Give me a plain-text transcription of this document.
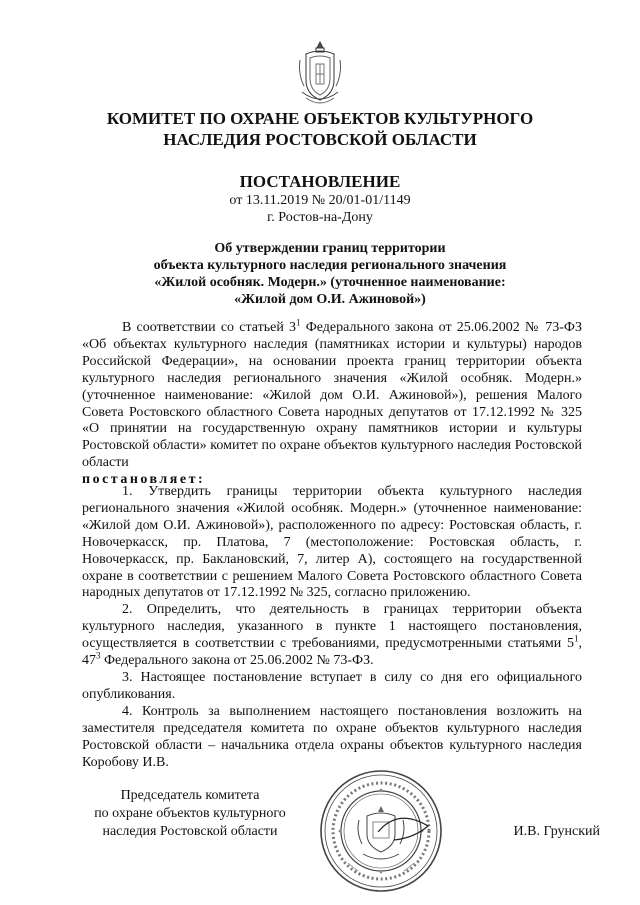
КОМИТЕТ ПО ОХРАНЕ ОБЪЕКТОВ КУЛЬТУРНОГО
НАСЛЕДИЯ РОСТОВСКОЙ ОБЛАСТИ
ПОСТАНОВЛЕНИЕ
от 13.11.2019 № 20/01-01/1149
г. Ростов-на-Дону
Об утверждении границ территории
объекта культурного наследия регионального значения
«Жилой особняк. Модерн.» (уточненное наименование:
«Жилой дом О.И. Ажиновой»)
В соответствии со статьей $3^1$ Федерального закона от 25.06.2002 № 73-ФЗ «Об объектах культурного наследия (памятниках истории и культуры) народов Российской Федерации», на основании проекта границ территории объекта культурного наследия регионального значения «Жилой особняк. Модерн.» (уточненное наименование: «Жилой дом О.И. Ажиновой»), решения Малого Совета Ростовского областного Совета народных депутатов от 17.12.1992 № 325 «О принятии на государственную охрану памятников истории и культуры Ростовской области» комитет по охране объектов культурного наследия Ростовской области
постановляет:

1. Утвердить границы территории объекта культурного наследия регионального значения «Жилой особняк. Модерн.» (уточненное наименование: «Жилой дом О.И. Ажиновой»), расположенного по адресу: Ростовская область, г. Новочеркасск, пр. Платова, 7 (местоположение: Ростовская область, г. Новочеркасск, пр. Баклановский, 7, литер А), состоящего на государственной охране в соответствии с решением Малого Совета Ростовского областного Совета народных депутатов от 17.12.1992 № 325, согласно приложению.

2. Определить, что деятельность в границах территории объекта культурного наследия, указанного в пункте 1 настоящего постановления, осуществляется в соответствии с требованиями, предусмотренными статьями $5^1$, $47^3$ Федерального закона от 25.06.2002 № 73-ФЗ.

3. Настоящее постановление вступает в силу со дня его официального опубликования.

4. Контроль за выполнением настоящего постановления возложить на заместителя председателя комитета по охране объектов культурного наследия Ростовской области – начальника отдела охраны объектов культурного наследия Коробову И.В.

Председатель комитета
по охране объектов культурного
наследия Ростовской области	И.В. Грунский
